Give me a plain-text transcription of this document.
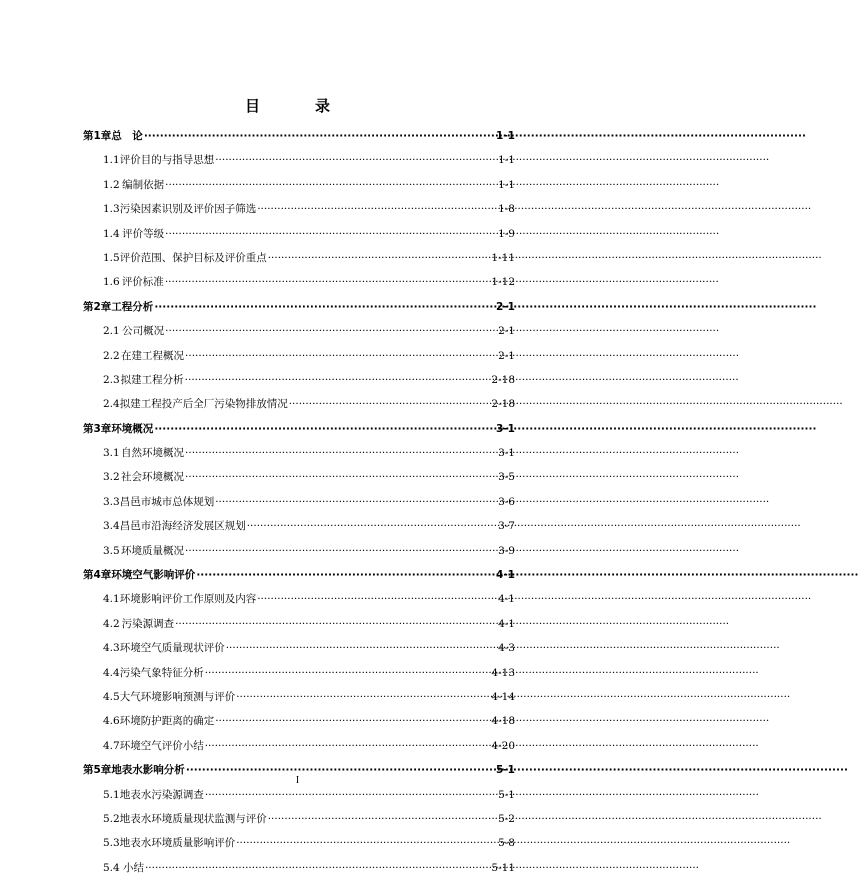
目　录
第1章 总　论 ·····	1-1
1.1 评价目的与指导思想 ·····	1-1
1.2 编制依据 ·····	1-1
1.3 污染因素识别及评价因子筛选 ·····	1-8
1.4 评价等级 ·····	1-9
1.5 评价范围、保护目标及评价重点 ·····	1-11
1.6 评价标准 ·····	1-12
第2章 工程分析 ·····	2-1
2.1 公司概况 ·····	2-1
2.2 在建工程概况 ·····	2-1
2.3 拟建工程分析 ·····	2-18
2.4 拟建工程投产后全厂污染物排放情况 ·····	2-18
第3章 环境概况 ·····	3-1
3.1 自然环境概况 ·····	3-1
3.2 社会环境概况 ·····	3-5
3.3 昌邑市城市总体规划 ·····	3-6
3.4 昌邑市沿海经济发展区规划 ·····	3-7
3.5 环境质量概况 ·····	3-9
第4章 环境空气影响评价 ·····	4-1
4.1 环境影响评价工作原则及内容 ·····	4-1
4.2 污染源调查 ·····	4-1
4.3 环境空气质量现状评价 ·····	4-3
4.4 污染气象特征分析 ·····	4-13
4.5 大气环境影响预测与评价 ·····	4-14
4.6 环境防护距离的确定 ·····	4-18
4.7 环境空气评价小结 ·····	4-20
第5章 地表水影响分析 ·····	5-1
5.1 地表水污染源调查 ·····	5-1
5.2 地表水环境质量现状监测与评价 ·····	5-2
5.3 地表水环境质量影响评价 ·····	5-8
5.4 小结 ·····	5-11
I
